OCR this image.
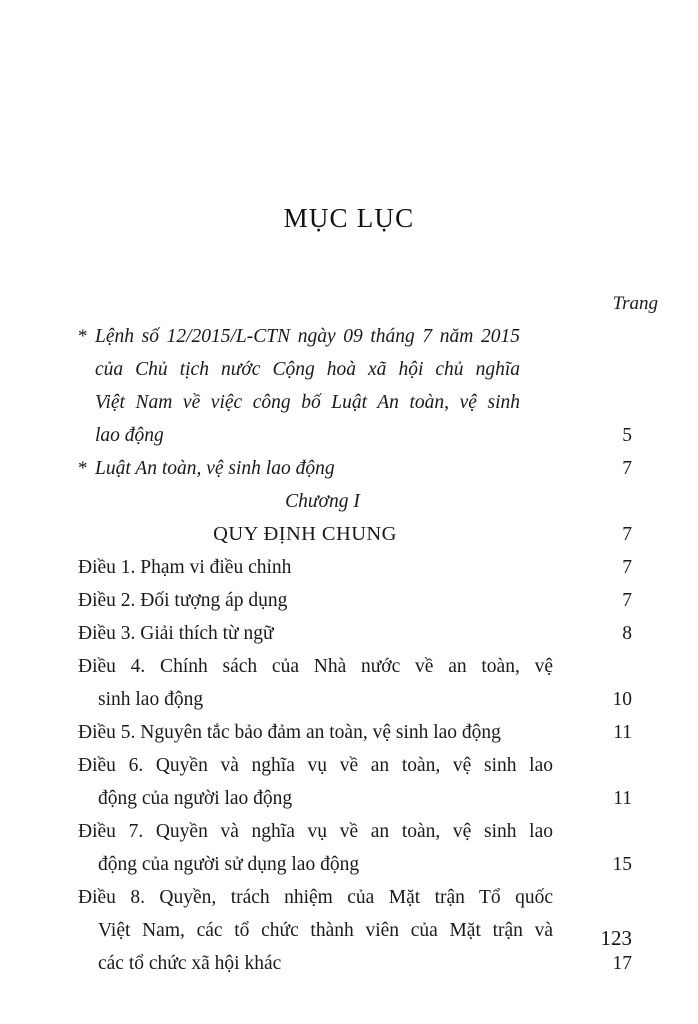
MỤC LỤC
Trang
* Lệnh số 12/2015/L-CTN ngày 09 tháng 7 năm 2015
của Chủ tịch nước Cộng hoà xã hội chủ nghĩa
Việt Nam về việc công bố Luật An toàn, vệ sinh
lao động	5
* Luật An toàn, vệ sinh lao động	7
Chương I
QUY ĐỊNH CHUNG	7
Điều 1. Phạm vi điều chỉnh	7
Điều 2. Đối tượng áp dụng	7
Điều 3. Giải thích từ ngữ	8
Điều 4. Chính sách của Nhà nước về an toàn, vệ
sinh lao động	10
Điều 5. Nguyên tắc bảo đảm an toàn, vệ sinh lao động	11
Điều 6. Quyền và nghĩa vụ về an toàn, vệ sinh lao
động của người lao động	11
Điều 7. Quyền và nghĩa vụ về an toàn, vệ sinh lao
động của người sử dụng lao động	15
Điều 8. Quyền, trách nhiệm của Mặt trận Tổ quốc
Việt Nam, các tổ chức thành viên của Mặt trận và
các tổ chức xã hội khác	17
123
